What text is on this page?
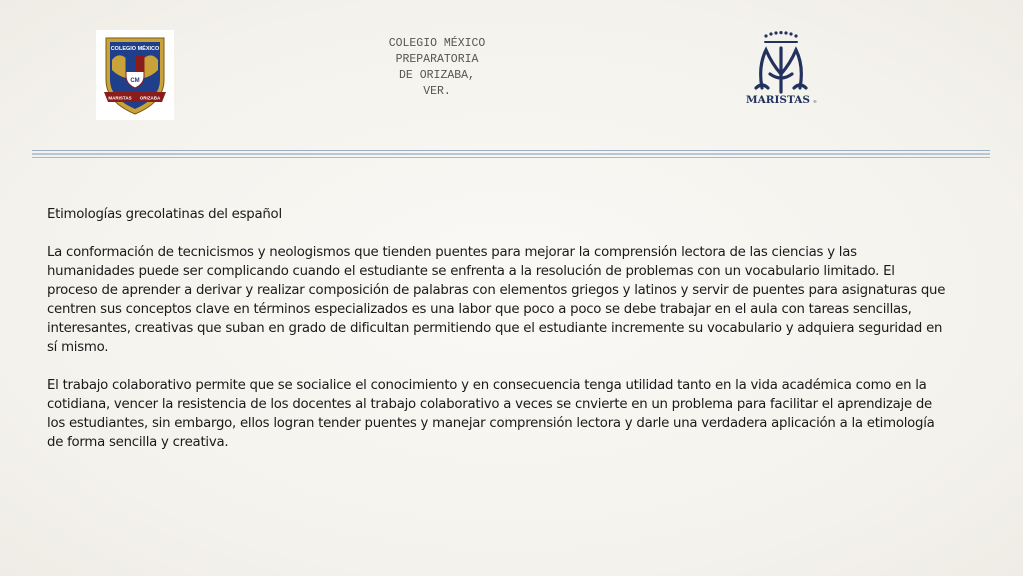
COLEGIO MÉXICO
CM
MARISTAS ORIZABA
COLEGIO MÉXICO
PREPARATORIA
DE ORIZABA,
VER.
MARISTAS ®

Etimologías grecolatinas del español

La conformación de tecnicismos y neologismos que tienden puentes para mejorar la comprensión lectora de las ciencias y las humanidades puede ser complicando cuando el estudiante se enfrenta a la resolución de problemas con un vocabulario limitado. El proceso de aprender a derivar y realizar composición de palabras con elementos griegos y latinos y servir de puentes para asignaturas que centren sus conceptos clave en términos especializados es una labor que poco a poco se debe trabajar en el aula con tareas sencillas, interesantes, creativas que suban en grado de dificultan permitiendo que el estudiante incremente su vocabulario y adquiera seguridad en sí mismo.

El trabajo colaborativo permite que se socialice el conocimiento y en consecuencia tenga utilidad tanto en la vida académica como en la cotidiana, vencer la resistencia de los docentes al trabajo colaborativo a veces se cnvierte en un problema para facilitar el aprendizaje de los estudiantes, sin embargo, ellos logran tender puentes y manejar comprensión lectora y darle una verdadera aplicación a la etimología de forma sencilla y creativa.
